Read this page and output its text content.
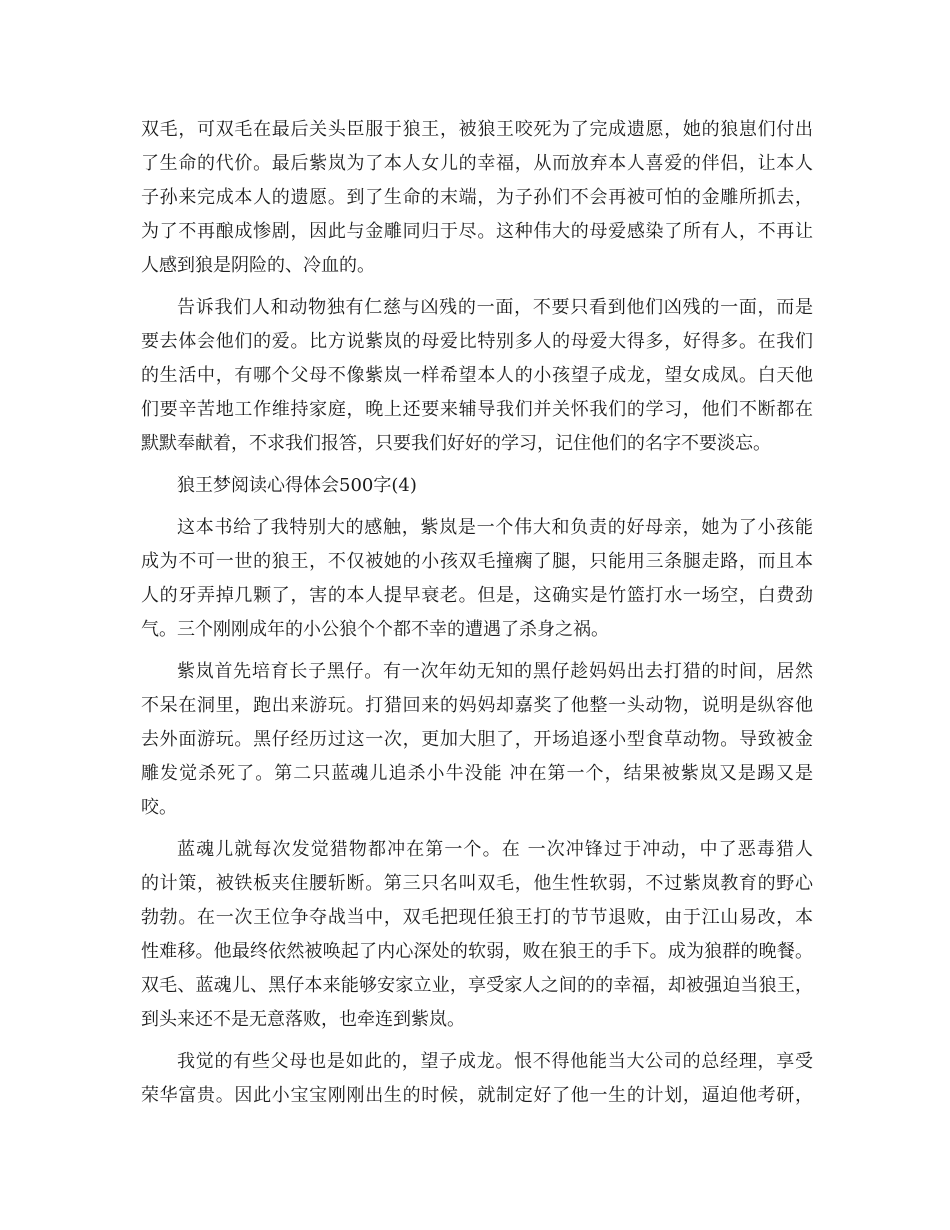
双毛，可双毛在最后关头臣服于狼王，被狼王咬死为了完成遗愿，她的狼崽们付出
了生命的代价。最后紫岚为了本人女儿的幸福，从而放弃本人喜爱的伴侣，让本人
子孙来完成本人的遗愿。到了生命的末端，为子孙们不会再被可怕的金雕所抓去，
为了不再酿成惨剧，因此与金雕同归于尽。这种伟大的母爱感染了所有人，不再让
人感到狼是阴险的、冷血的。
告诉我们人和动物独有仁慈与凶残的一面，不要只看到他们凶残的一面，而是
要去体会他们的爱。比方说紫岚的母爱比特别多人的母爱大得多，好得多。在我们
的生活中，有哪个父母不像紫岚一样希望本人的小孩望子成龙，望女成凤。白天他
们要辛苦地工作维持家庭，晚上还要来辅导我们并关怀我们的学习，他们不断都在
默默奉献着，不求我们报答，只要我们好好的学习，记住他们的名字不要淡忘。
狼王梦阅读心得体会500字(4)
这本书给了我特别大的感触，紫岚是一个伟大和负责的好母亲，她为了小孩能
成为不可一世的狼王，不仅被她的小孩双毛撞瘸了腿，只能用三条腿走路，而且本
人的牙弄掉几颗了，害的本人提早衰老。但是，这确实是竹篮打水一场空，白费劲
气。三个刚刚成年的小公狼个个都不幸的遭遇了杀身之祸。
紫岚首先培育长子黑仔。有一次年幼无知的黑仔趁妈妈出去打猎的时间，居然
不呆在洞里，跑出来游玩。打猎回来的妈妈却嘉奖了他整一头动物，说明是纵容他
去外面游玩。黑仔经历过这一次，更加大胆了，开场追逐小型食草动物。导致被金
雕发觉杀死了。第二只蓝魂儿追杀小牛没能 冲在第一个，结果被紫岚又是踢又是
咬。
蓝魂儿就每次发觉猎物都冲在第一个。在 一次冲锋过于冲动，中了恶毒猎人
的计策，被铁板夹住腰斩断。第三只名叫双毛，他生性软弱，不过紫岚教育的野心
勃勃。在一次王位争夺战当中，双毛把现任狼王打的节节退败，由于江山易改，本
性难移。他最终依然被唤起了内心深处的软弱，败在狼王的手下。成为狼群的晚餐。
双毛、蓝魂儿、黑仔本来能够安家立业，享受家人之间的的幸福，却被强迫当狼王，
到头来还不是无意落败，也牵连到紫岚。
我觉的有些父母也是如此的，望子成龙。恨不得他能当大公司的总经理，享受
荣华富贵。因此小宝宝刚刚出生的时候，就制定好了他一生的计划，逼迫他考研，
